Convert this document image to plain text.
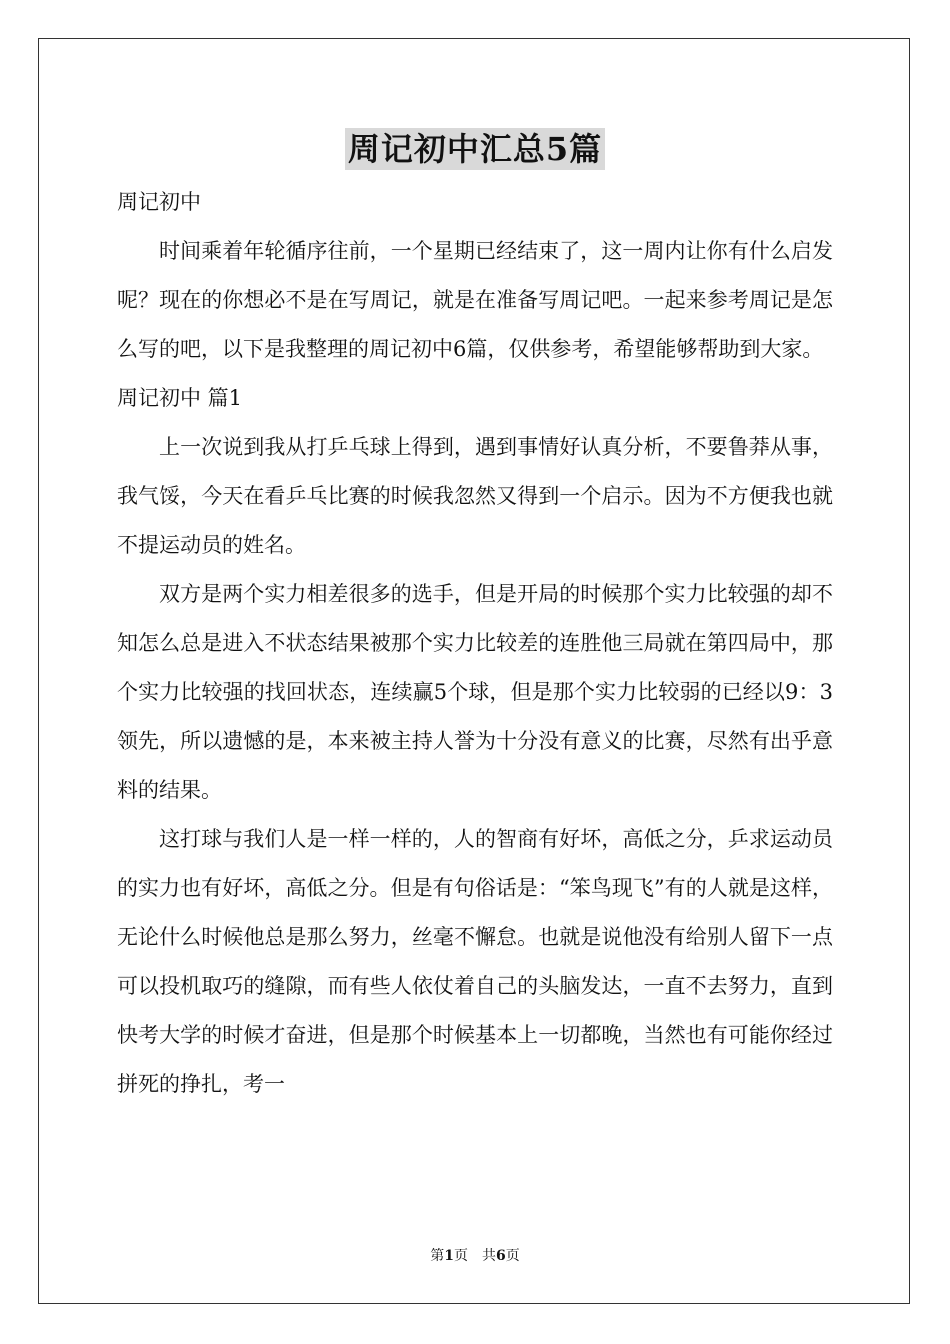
周记初中汇总5篇

周记初中

时间乘着年轮循序往前，一个星期已经结束了，这一周内让你有什么启发呢？现在的你想必不是在写周记，就是在准备写周记吧。一起来参考周记是怎么写的吧，以下是我整理的周记初中6篇，仅供参考，希望能够帮助到大家。

周记初中 篇1

上一次说到我从打乒乓球上得到，遇到事情好认真分析，不要鲁莽从事，我气馁，今天在看乒乓比赛的时候我忽然又得到一个启示。因为不方便我也就不提运动员的姓名。

双方是两个实力相差很多的选手，但是开局的时候那个实力比较强的却不知怎么总是进入不状态结果被那个实力比较差的连胜他三局就在第四局中，那个实力比较强的找回状态，连续赢5个球，但是那个实力比较弱的已经以9：3领先，所以遗憾的是，本来被主持人誉为十分没有意义的比赛，尽然有出乎意料的结果。

这打球与我们人是一样一样的，人的智商有好坏，高低之分，乒求运动员的实力也有好坏，高低之分。但是有句俗话是：“笨鸟现飞”有的人就是这样，无论什么时候他总是那么努力，丝毫不懈怠。也就是说他没有给别人留下一点可以投机取巧的缝隙，而有些人依仗着自己的头脑发达，一直不去努力，直到快考大学的时候才奋进，但是那个时候基本上一切都晚，当然也有可能你经过拼死的挣扎，考一

第1页 共6页
